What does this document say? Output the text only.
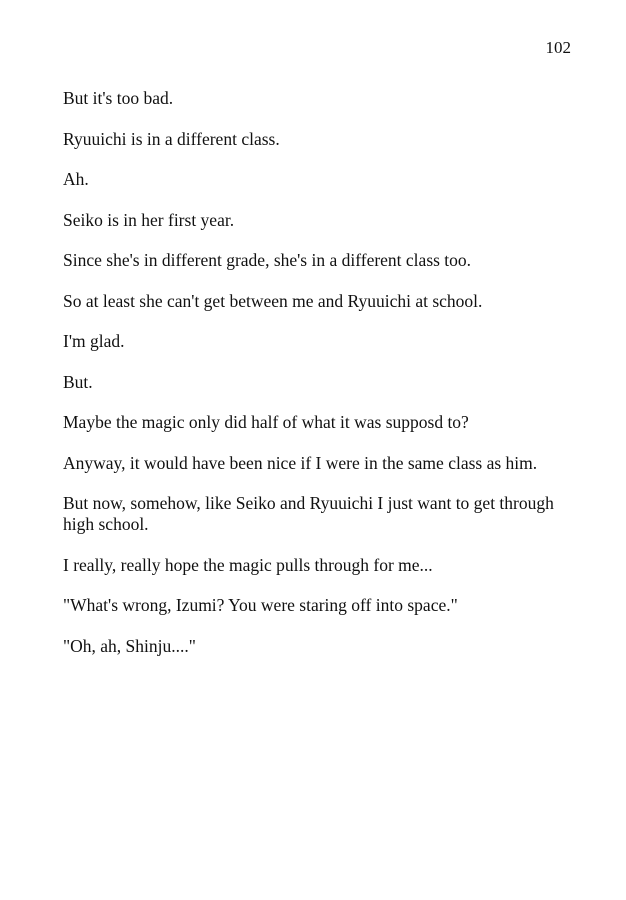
102

But it's too bad.

Ryuuichi is in a different class.

Ah.

Seiko is in her first year.

Since she's in different grade, she's in a different class too.

So at least she can't get between me and Ryuuichi at school.

I'm glad.

But.

Maybe the magic only did half of what it was supposd to?

Anyway, it would have been nice if I were in the same class as him.

But now, somehow, like Seiko and Ryuuichi I just want to get through high school.

I really, really hope the magic pulls through for me...

"What's wrong, Izumi? You were staring off into space."

"Oh, ah, Shinju...."
